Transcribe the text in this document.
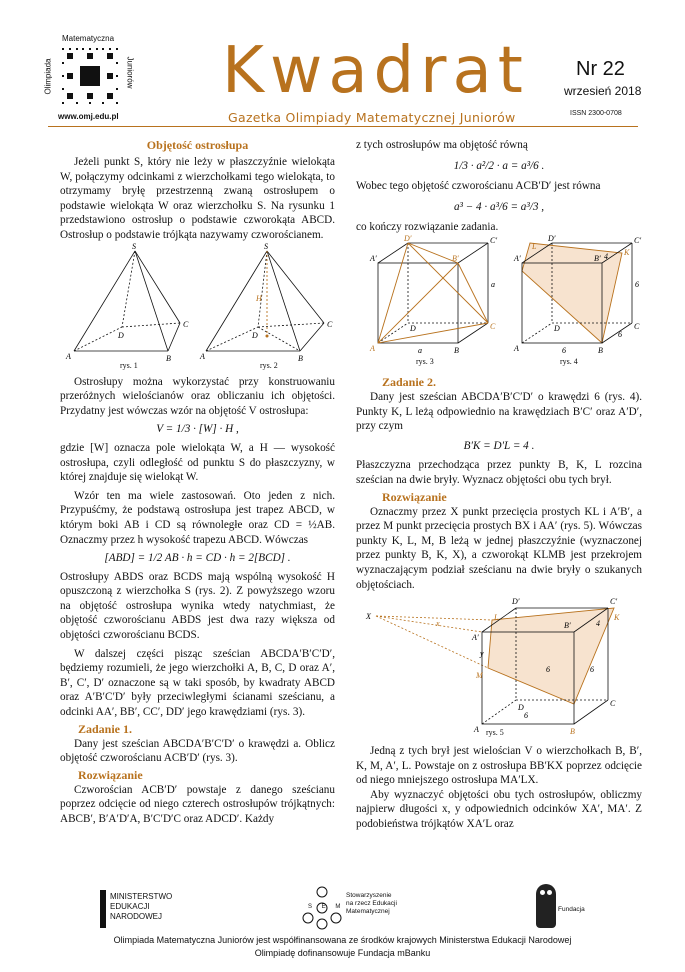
Matematyczna
Olimpiada	Juniorów
www.omj.edu.pl
Kwadrat
Gazetka Olimpiady Matematycznej Juniorów
Nr 22
wrzesień 2018
ISSN 2300-0708
Objętość ostrosłupa
Jeżeli punkt S, który nie leży w płaszczyźnie wielokąta W, połączymy odcinkami z wierzchołkami tego wielokąta, to otrzymamy bryłę przestrzenną zwaną ostrosłupem o podstawie wielokąta W oraz wierzchołku S. Na rysunku 1 przedstawiono ostrosłup o podstawie czworokąta ABCD. Ostrosłup o podstawie trójkąta nazywamy czworościanem.
S
A	B
C
D
rys. 1
S
A	B
C
D
H
rys. 2
Ostrosłupy można wykorzystać przy konstruowaniu przeróżnych wielościanów oraz obliczaniu ich objętości. Przydatny jest wówczas wzór na objętość V ostrosłupa:
V = 1/3 · [W] · H ,
gdzie [W] oznacza pole wielokąta W, a H — wysokość ostrosłupa, czyli odległość od punktu S do płaszczyzny, w której znajduje się wielokąt W.
Wzór ten ma wiele zastosowań. Oto jeden z nich. Przypuśćmy, że podstawą ostrosłupa jest trapez ABCD, w którym boki AB i CD są równoległe oraz CD = ½AB. Oznaczmy przez h wysokość trapezu ABCD. Wówczas
[ABD] = 1/2 AB · h = CD · h = 2[BCD] .
Ostrosłupy ABDS oraz BCDS mają wspólną wysokość H opuszczoną z wierzchołka S (rys. 2). Z powyższego wzoru na objętość ostrosłupa wynika wtedy natychmiast, że objętość czworościanu ABDS jest dwa razy większa od objętości czworościanu BCDS.
W dalszej części pisząc sześcian ABCDA′B′C′D′, będziemy rozumieli, że jego wierzchołki A, B, C, D oraz A′, B′, C′, D′ oznaczone są w taki sposób, by kwadraty ABCD oraz A′B′C′D′ były przeciwległymi ścianami sześcianu, a odcinki AA′, BB′, CC′, DD′ jego krawędziami (rys. 3).
Zadanie 1.
Dany jest sześcian ABCDA′B′C′D′ o krawędzi a. Oblicz objętość czworościanu ACB′D′ (rys. 3).
Rozwiązanie
Czworościan ACB′D′ powstaje z danego sześcianu poprzez odcięcie od niego czterech ostrosłupów trójkątnych: ABCB′, B′A′D′A, B′C′D′C oraz ADCD′. Każdy
z tych ostrosłupów ma objętość równą
1/3 · a²/2 · a = a³/6 .
Wobec tego objętość czworościanu ACB′D′ jest równa
a³ − 4 · a³/6 = a³/3 ,
co kończy rozwiązanie zadania.
D′	C′
A′	B′
D	C
A	B
a
a
rys. 3
D′	C′
A′	B′
L
K
D	C
A	B
6
6
6
4
rys. 4
Zadanie 2.
Dany jest sześcian ABCDA′B′C′D′ o krawędzi 6 (rys. 4). Punkty K, L leżą odpowiednio na krawędziach B′C′ oraz A′D′, przy czym
B′K = D′L = 4 .
Płaszczyzna przechodząca przez punkty B, K, L rozcina sześcian na dwie bryły. Wyznacz objętości obu tych brył.
Rozwiązanie
Oznaczmy przez X punkt przecięcia prostych KL i A′B′, a przez M punkt przecięcia prostych BX i AA′ (rys. 5). Wówczas punkty K, L, M, B leżą w jednej płaszczyźnie (wyznaczonej przez punkty B, K, X), a czworokąt KLMB jest przekrojem wyznaczającym podział sześcianu na dwie bryły o szukanych objętościach.
X
x
y
D′	C′
A′
B′
L	K
M
D	C
A	B
6
6	6
4
rys. 5
Jedną z tych brył jest wielościan V o wierzchołkach B, B′, K, M, A′, L. Powstaje on z ostrosłupa BB′KX poprzez odcięcie od niego mniejszego ostrosłupa MA′LX.
Aby wyznaczyć objętości obu tych ostrosłupów, obliczmy najpierw długości x, y odpowiednich odcinków XA′, MA′. Z podobieństwa trójkątów XA′L oraz
MINISTERSTWO
EDUKACJI
NARODOWEJ
S E M
Stowarzyszenie
na rzecz Edukacji
Matematycznej	Fundacja
Olimpiada Matematyczna Juniorów jest współfinansowana ze środków krajowych Ministerstwa Edukacji Narodowej
Olimpiadę dofinansowuje Fundacja mBanku
